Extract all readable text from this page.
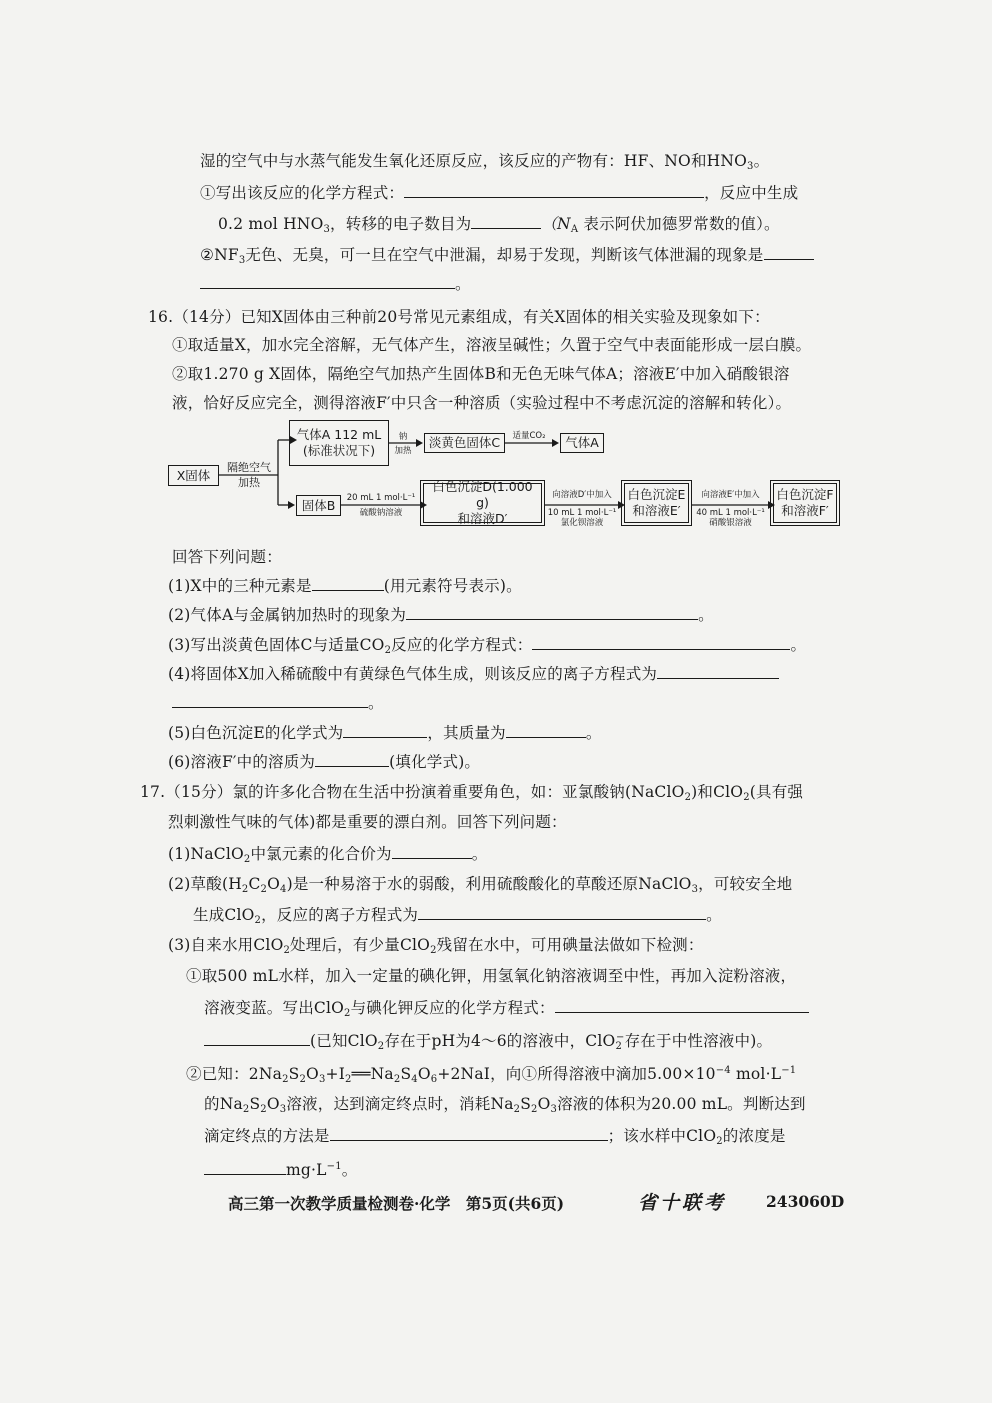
湿的空气中与水蒸气能发生氧化还原反应，该反应的产物有：HF、NO和$HNO_3$。
①写出该反应的化学方程式：	，反应中生成
0.2 mol $HNO_3$，转移的电子数目为	（$N_A$ 表示阿伏加德罗常数的值）。
$②NF_3$无色、无臭，可一旦在空气中泄漏，却易于发现，判断该气体泄漏的现象是
。
16.（14分）已知X固体由三种前20号常见元素组成，有关X固体的相关实验及现象如下：
①取适量X，加水完全溶解，无气体产生，溶液呈碱性；久置于空气中表面能形成一层白膜。
②取1.270 g X固体，隔绝空气加热产生固体B和无色无味气体A；溶液E′中加入硝酸银溶
液，恰好反应完全，测得溶液F′中只含一种溶质（实验过程中不考虑沉淀的溶解和转化）。
X固体	隔绝空气
加热
气体A 112 mL
(标准状况下)
钠
加热
淡黄色固体C	适量CO₂	气体A
固体B	20 mL 1 mol·L⁻¹
硫酸钠溶液
白色沉淀D(1.000 g)
和溶液D′
向溶液D′中加入
10 mL 1 mol·L⁻¹
氯化钡溶液
白色沉淀E
和溶液E′
向溶液E′中加入
40 mL 1 mol·L⁻¹
硝酸银溶液
白色沉淀F
和溶液F′
回答下列问题：
(1)X中的三种元素是	(用元素符号表示)。
(2)气体A与金属钠加热时的现象为	。
(3)写出淡黄色固体C与适量$CO_2$反应的化学方程式：	。
(4)将固体X加入稀硫酸中有黄绿色气体生成，则该反应的离子方程式为
。
(5)白色沉淀E的化学式为	，其质量为	。
(6)溶液F′中的溶质为	(填化学式)。
17.（15分）氯的许多化合物在生活中扮演着重要角色，如：亚氯酸钠(NaClO$_2$)和ClO$_2$(具有强
烈刺激性气味的气体)都是重要的漂白剂。回答下列问题：
(1)NaClO$_2$中氯元素的化合价为	。
(2)草酸$(H_2C_2O_4)$是一种易溶于水的弱酸，利用硫酸酸化的草酸还原NaClO$_3$，可较安全地
生成ClO$_2$，反应的离子方程式为	。
(3)自来水用ClO$_2$处理后，有少量ClO$_2$残留在水中，可用碘量法做如下检测：
①取500 mL水样，加入一定量的碘化钾，用氢氧化钠溶液调至中性，再加入淀粉溶液，
溶液变蓝。写出ClO$_2$与碘化钾反应的化学方程式：
(已知ClO$_2$存在于pH为4～6的溶液中，ClO$_2$−存在于中性溶液中)。
②已知：$2Na_2S_2O_3+I_2══Na_2S_4O_6+2NaI$，向①所得溶液中滴加$5.00\times 10^{-4}$ $mol\cdot L^{-1}$
的$Na_2S_2O_3$溶液，达到滴定终点时，消耗$Na_2S_2O_3$溶液的体积为20.00 mL。判断达到
滴定终点的方法是	；该水样中ClO$_2$的浓度是
$mg\cdot L^{-1}$。
高三第一次教学质量检测卷·化学　第5页(共6页)	省十联考	243060D
